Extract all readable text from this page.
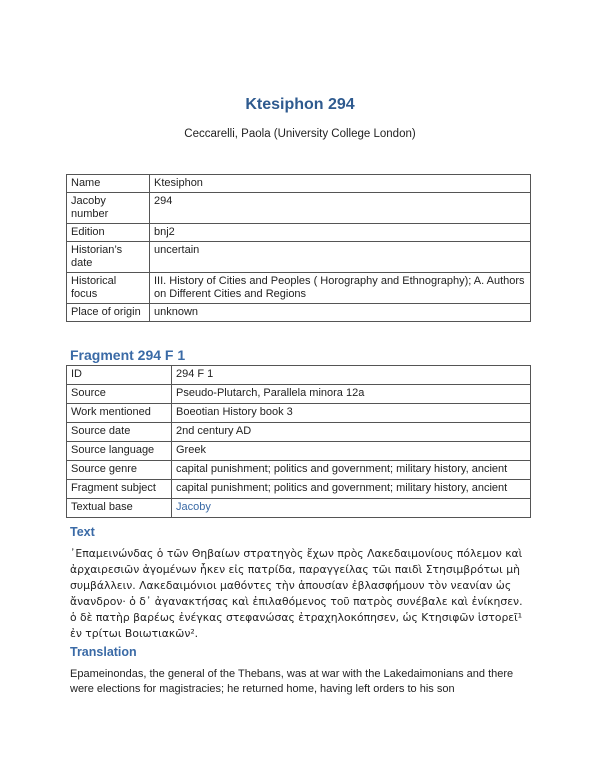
Ktesiphon 294
Ceccarelli, Paola (University College London)
Name	Ktesiphon
Jacoby number	294
Edition	bnj2
Historian’s date	uncertain
Historical focus	III. History of Cities and Peoples ( Horography and Ethnography); A. Authors on Different Cities and Regions
Place of origin	unknown
Fragment 294 F 1
ID	294 F 1
Source	Pseudo-Plutarch, Parallela minora 12a
Work mentioned	Boeotian History book 3
Source date	2nd century AD
Source language	Greek
Source genre	capital punishment; politics and government; military history, ancient
Fragment subject	capital punishment; politics and government; military history, ancient
Textual base	Jacoby
Text
᾿Επαμεινώνδας ὁ τῶν Θηβαίων στρατηγὸς ἔχων πρὸς Λακεδαιμονίους πόλεμον καὶ ἀρχαιρεσιῶν ἀγομένων ἧκεν εἰς πατρίδα, παραγγείλας τῶι παιδὶ Στησιμβρότωι μὴ συμβάλλειν. Λακεδαιμόνιοι μαθόντες τὴν ἀπουσίαν ἐβλασφήμουν τὸν νεανίαν ὡς ἄνανδρον· ὁ δ᾿ ἀγανακτήσας καὶ ἐπιλαθόμενος τοῦ πατρὸς συνέβαλε καὶ ἐνίκησεν. ὁ δὲ πατὴρ βαρέως ἐνέγκας στεφανώσας ἐτραχηλοκόπησεν, ὡς Κτησιφῶν ἱστορεῖ¹ ἐν τρίτωι Βοιωτιακῶν².
Translation
Epameinondas, the general of the Thebans, was at war with the Lakedaimonians and there were elections for magistracies; he returned home, having left orders to his son
